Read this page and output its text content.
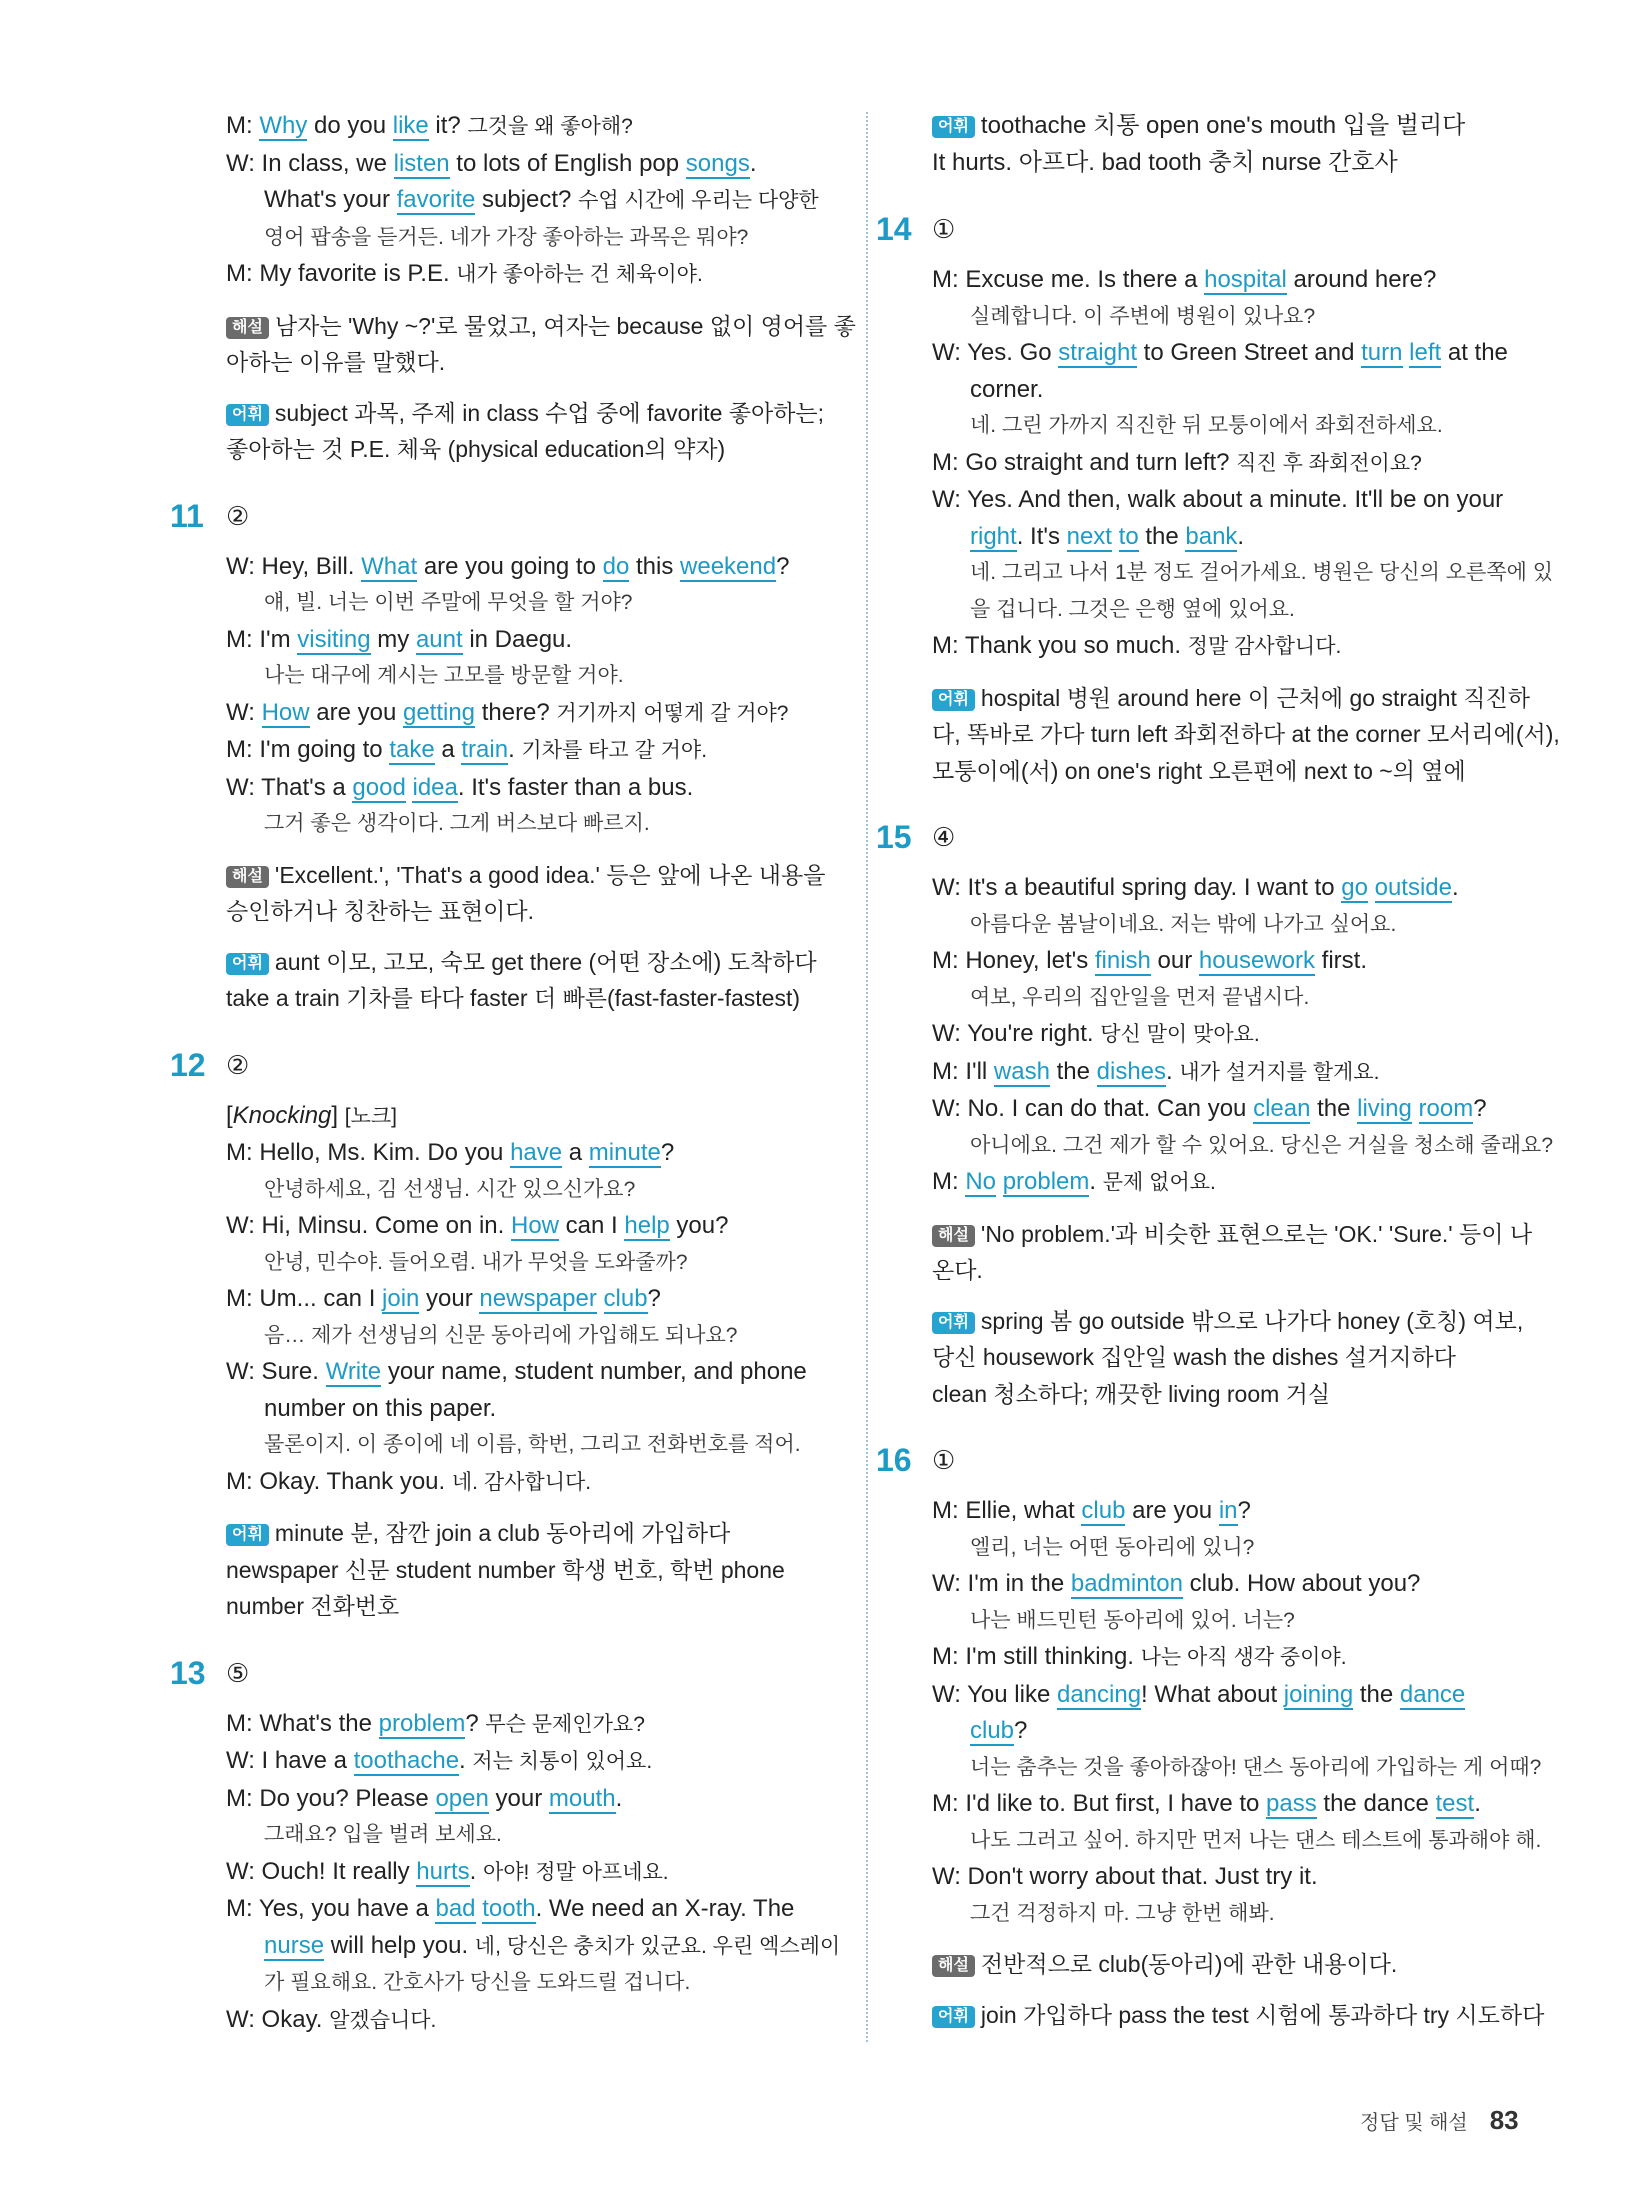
M: Why do you like it? 그것을 왜 좋아해?
W: In class, we listen to lots of English pop songs.
What's your favorite subject? 수업 시간에 우리는 다양한
영어 팝송을 듣거든. 네가 가장 좋아하는 과목은 뭐야?
M: My favorite is P.E. 내가 좋아하는 건 체육이야.
해설 남자는 'Why ~?'로 물었고, 여자는 because 없이 영어를 좋
아하는 이유를 말했다.
어휘 subject 과목, 주제 in class 수업 중에 favorite 좋아하는;
좋아하는 것 P.E. 체육 (physical education의 약자)
11 ②
W: Hey, Bill. What are you going to do this weekend?
얘, 빌. 너는 이번 주말에 무엇을 할 거야?
M: I'm visiting my aunt in Daegu.
나는 대구에 계시는 고모를 방문할 거야.
W: How are you getting there? 거기까지 어떻게 갈 거야?
M: I'm going to take a train. 기차를 타고 갈 거야.
W: That's a good idea. It's faster than a bus.
그거 좋은 생각이다. 그게 버스보다 빠르지.
해설 'Excellent.', 'That's a good idea.' 등은 앞에 나온 내용을
승인하거나 칭찬하는 표현이다.
어휘 aunt 이모, 고모, 숙모 get there (어떤 장소에) 도착하다
take a train 기차를 타다 faster 더 빠른(fast-faster-fastest)
12 ②
[Knocking] [노크]
M: Hello, Ms. Kim. Do you have a minute?
안녕하세요, 김 선생님. 시간 있으신가요?
W: Hi, Minsu. Come on in. How can I help you?
안녕, 민수야. 들어오렴. 내가 무엇을 도와줄까?
M: Um... can I join your newspaper club?
음… 제가 선생님의 신문 동아리에 가입해도 되나요?
W: Sure. Write your name, student number, and phone
number on this paper.
물론이지. 이 종이에 네 이름, 학번, 그리고 전화번호를 적어.
M: Okay. Thank you. 네. 감사합니다.
어휘 minute 분, 잠깐 join a club 동아리에 가입하다
newspaper 신문 student number 학생 번호, 학번 phone
number 전화번호
13 ⑤
M: What's the problem? 무슨 문제인가요?
W: I have a toothache. 저는 치통이 있어요.
M: Do you? Please open your mouth.
그래요? 입을 벌려 보세요.
W: Ouch! It really hurts. 아야! 정말 아프네요.
M: Yes, you have a bad tooth. We need an X-ray. The
nurse will help you. 네, 당신은 충치가 있군요. 우린 엑스레이
가 필요해요. 간호사가 당신을 도와드릴 겁니다.
W: Okay. 알겠습니다.
어휘 toothache 치통 open one's mouth 입을 벌리다
It hurts. 아프다. bad tooth 충치 nurse 간호사
14 ①
M: Excuse me. Is there a hospital around here?
실례합니다. 이 주변에 병원이 있나요?
W: Yes. Go straight to Green Street and turn left at the
corner.
네. 그린 가까지 직진한 뒤 모퉁이에서 좌회전하세요.
M: Go straight and turn left? 직진 후 좌회전이요?
W: Yes. And then, walk about a minute. It'll be on your
right. It's next to the bank.
네. 그리고 나서 1분 정도 걸어가세요. 병원은 당신의 오른쪽에 있
을 겁니다. 그것은 은행 옆에 있어요.
M: Thank you so much. 정말 감사합니다.
어휘 hospital 병원 around here 이 근처에 go straight 직진하
다, 똑바로 가다 turn left 좌회전하다 at the corner 모서리에(서),
모퉁이에(서) on one's right 오른편에 next to ~의 옆에
15 ④
W: It's a beautiful spring day. I want to go outside.
아름다운 봄날이네요. 저는 밖에 나가고 싶어요.
M: Honey, let's finish our housework first.
여보, 우리의 집안일을 먼저 끝냅시다.
W: You're right. 당신 말이 맞아요.
M: I'll wash the dishes. 내가 설거지를 할게요.
W: No. I can do that. Can you clean the living room?
아니에요. 그건 제가 할 수 있어요. 당신은 거실을 청소해 줄래요?
M: No problem. 문제 없어요.
해설 'No problem.'과 비슷한 표현으로는 'OK.' 'Sure.' 등이 나
온다.
어휘 spring 봄 go outside 밖으로 나가다 honey (호칭) 여보,
당신 housework 집안일 wash the dishes 설거지하다
clean 청소하다; 깨끗한 living room 거실
16 ①
M: Ellie, what club are you in?
엘리, 너는 어떤 동아리에 있니?
W: I'm in the badminton club. How about you?
나는 배드민턴 동아리에 있어. 너는?
M: I'm still thinking. 나는 아직 생각 중이야.
W: You like dancing! What about joining the dance
club?
너는 춤추는 것을 좋아하잖아! 댄스 동아리에 가입하는 게 어때?
M: I'd like to. But first, I have to pass the dance test.
나도 그러고 싶어. 하지만 먼저 나는 댄스 테스트에 통과해야 해.
W: Don't worry about that. Just try it.
그건 걱정하지 마. 그냥 한번 해봐.
해설 전반적으로 club(동아리)에 관한 내용이다.
어휘 join 가입하다 pass the test 시험에 통과하다 try 시도하다
정답 및 해설 83
